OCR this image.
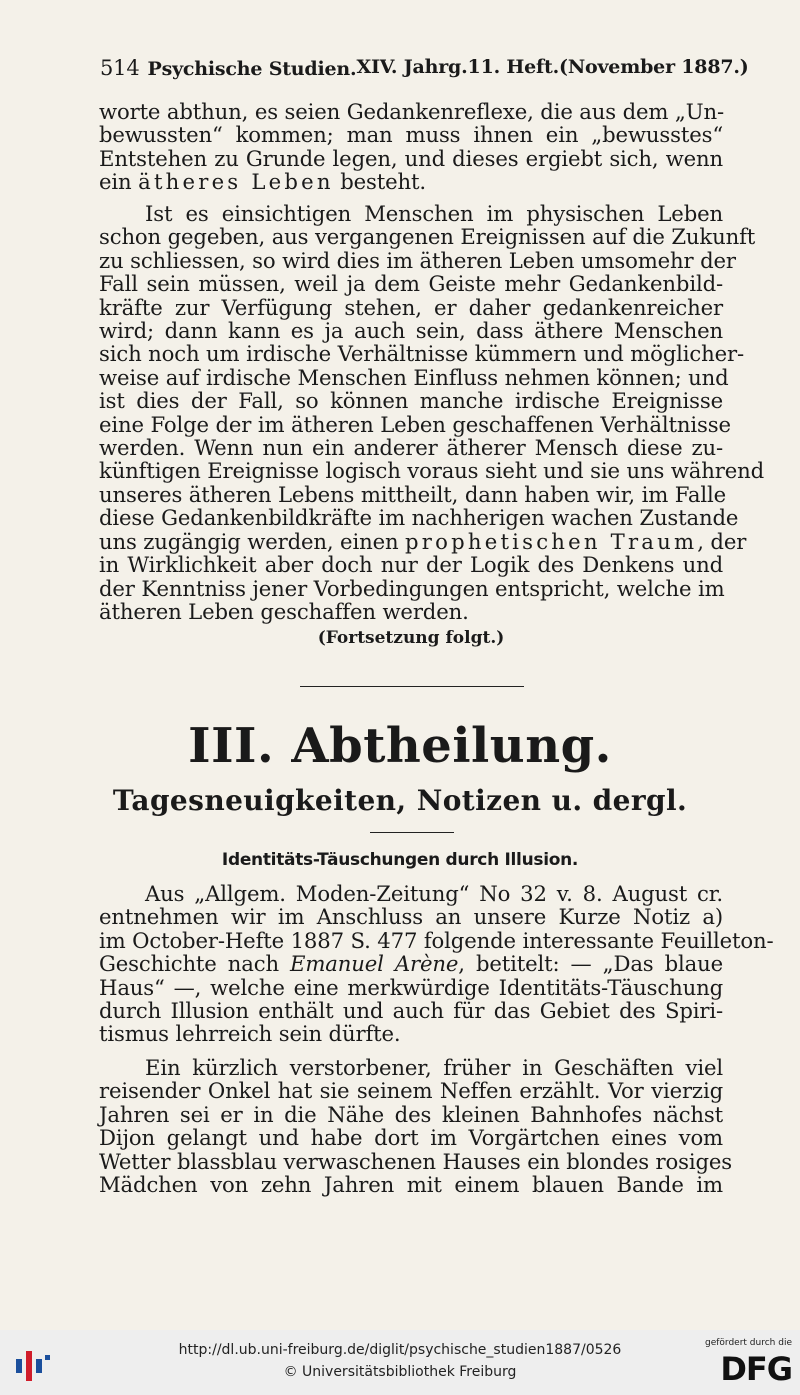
514 Psychische Studien. XIV. Jahrg. 11. Heft. (November 1887.)
worte abthun, es seien Gedankenreflexe, die aus dem „Un-
bewussten“ kommen; man muss ihnen ein „bewusstes“
Entstehen zu Grunde legen, und dieses ergiebt sich, wenn
ein ätheres Leben besteht.
Ist es einsichtigen Menschen im physischen Leben
schon gegeben, aus vergangenen Ereignissen auf die Zukunft
zu schliessen, so wird dies im ätheren Leben umsomehr der
Fall sein müssen, weil ja dem Geiste mehr Gedankenbild-
kräfte zur Verfügung stehen, er daher gedankenreicher
wird; dann kann es ja auch sein, dass äthere Menschen
sich noch um irdische Verhältnisse kümmern und möglicher-
weise auf irdische Menschen Einfluss nehmen können; und
ist dies der Fall, so können manche irdische Ereignisse
eine Folge der im ätheren Leben geschaffenen Verhältnisse
werden. Wenn nun ein anderer ätherer Mensch diese zu-
künftigen Ereignisse logisch voraus sieht und sie uns während
unseres ätheren Lebens mittheilt, dann haben wir, im Falle
diese Gedankenbildkräfte im nachherigen wachen Zustande
uns zugängig werden, einen prophetischen Traum, der
in Wirklichkeit aber doch nur der Logik des Denkens und
der Kenntniss jener Vorbedingungen entspricht, welche im
ätheren Leben geschaffen werden.
(Fortsetzung folgt.)
III. Abtheilung.
Tagesneuigkeiten, Notizen u. dergl.
Identitäts-Täuschungen durch Illusion.
Aus „Allgem. Moden-Zeitung“ No 32 v. 8. August cr.
entnehmen wir im Anschluss an unsere Kurze Notiz a)
im October-Hefte 1887 S. 477 folgende interessante Feuilleton-
Geschichte nach Emanuel Arène, betitelt: — „Das blaue
Haus“ —, welche eine merkwürdige Identitäts-Täuschung
durch Illusion enthält und auch für das Gebiet des Spiri-
tismus lehrreich sein dürfte.
Ein kürzlich verstorbener, früher in Geschäften viel
reisender Onkel hat sie seinem Neffen erzählt. Vor vierzig
Jahren sei er in die Nähe des kleinen Bahnhofes nächst
Dijon gelangt und habe dort im Vorgärtchen eines vom
Wetter blassblau verwaschenen Hauses ein blondes rosiges
Mädchen von zehn Jahren mit einem blauen Bande im
http://dl.ub.uni-freiburg.de/diglit/psychische_studien1887/0526
© Universitätsbibliothek Freiburg
gefördert durch die
DFG
